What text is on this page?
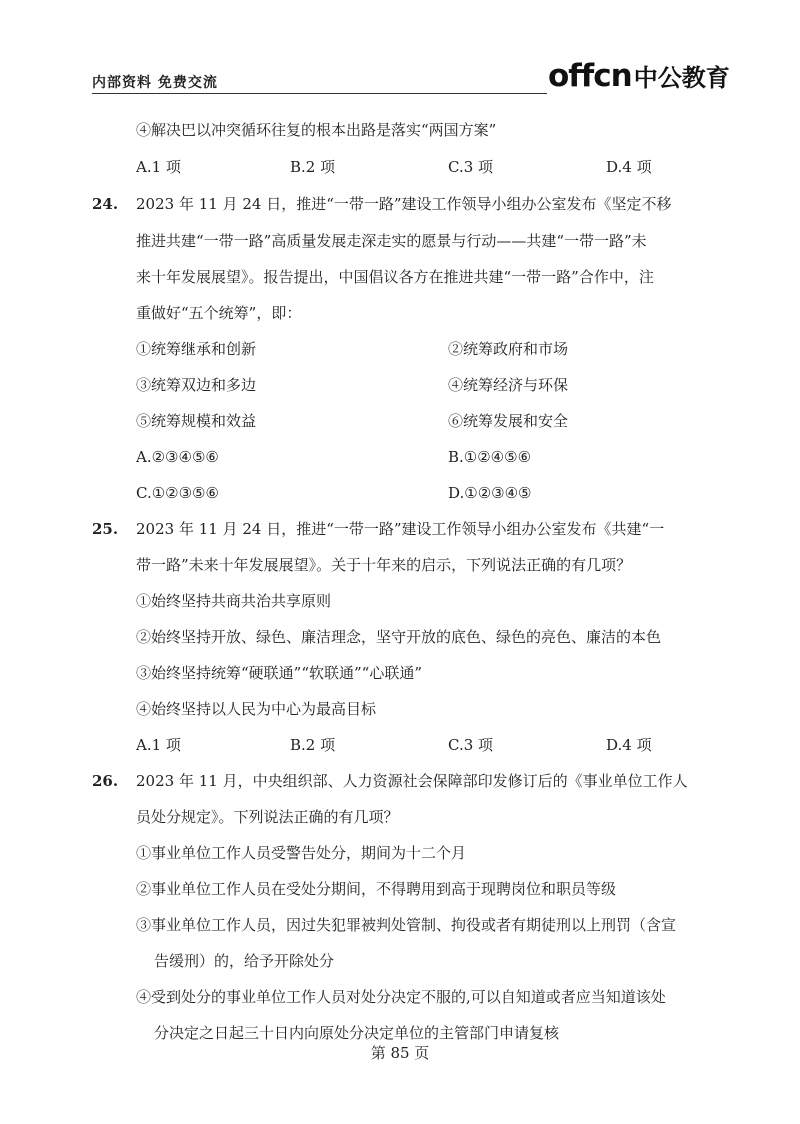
内部资料 免费交流	offcn 中公教育
④解决巴以冲突循环往复的根本出路是落实“两国方案”
A.1 项	B.2 项	C.3 项	D.4 项
24. 2023 年 11 月 24 日，推进“一带一路”建设工作领导小组办公室发布《坚定不移
推进共建“一带一路”高质量发展走深走实的愿景与行动——共建“一带一路”未
来十年发展展望》。报告提出，中国倡议各方在推进共建“一带一路”合作中，注
重做好“五个统筹”，即：
①统筹继承和创新	②统筹政府和市场
③统筹双边和多边	④统筹经济与环保
⑤统筹规模和效益	⑥统筹发展和安全
A.②③④⑤⑥	B.①②④⑤⑥
C.①②③⑤⑥	D.①②③④⑤
25. 2023 年 11 月 24 日，推进“一带一路”建设工作领导小组办公室发布《共建“一
带一路”未来十年发展展望》。关于十年来的启示，下列说法正确的有几项？
①始终坚持共商共治共享原则
②始终坚持开放、绿色、廉洁理念，坚守开放的底色、绿色的亮色、廉洁的本色
③始终坚持统筹“硬联通”“软联通”“心联通”
④始终坚持以人民为中心为最高目标
A.1 项	B.2 项	C.3 项	D.4 项
26. 2023 年 11 月，中央组织部、人力资源社会保障部印发修订后的《事业单位工作人
员处分规定》。下列说法正确的有几项？
①事业单位工作人员受警告处分，期间为十二个月
②事业单位工作人员在受处分期间，不得聘用到高于现聘岗位和职员等级
③事业单位工作人员，因过失犯罪被判处管制、拘役或者有期徒刑以上刑罚（含宣
告缓刑）的，给予开除处分
④受到处分的事业单位工作人员对处分决定不服的,可以自知道或者应当知道该处
分决定之日起三十日内向原处分决定单位的主管部门申请复核
第 85 页
